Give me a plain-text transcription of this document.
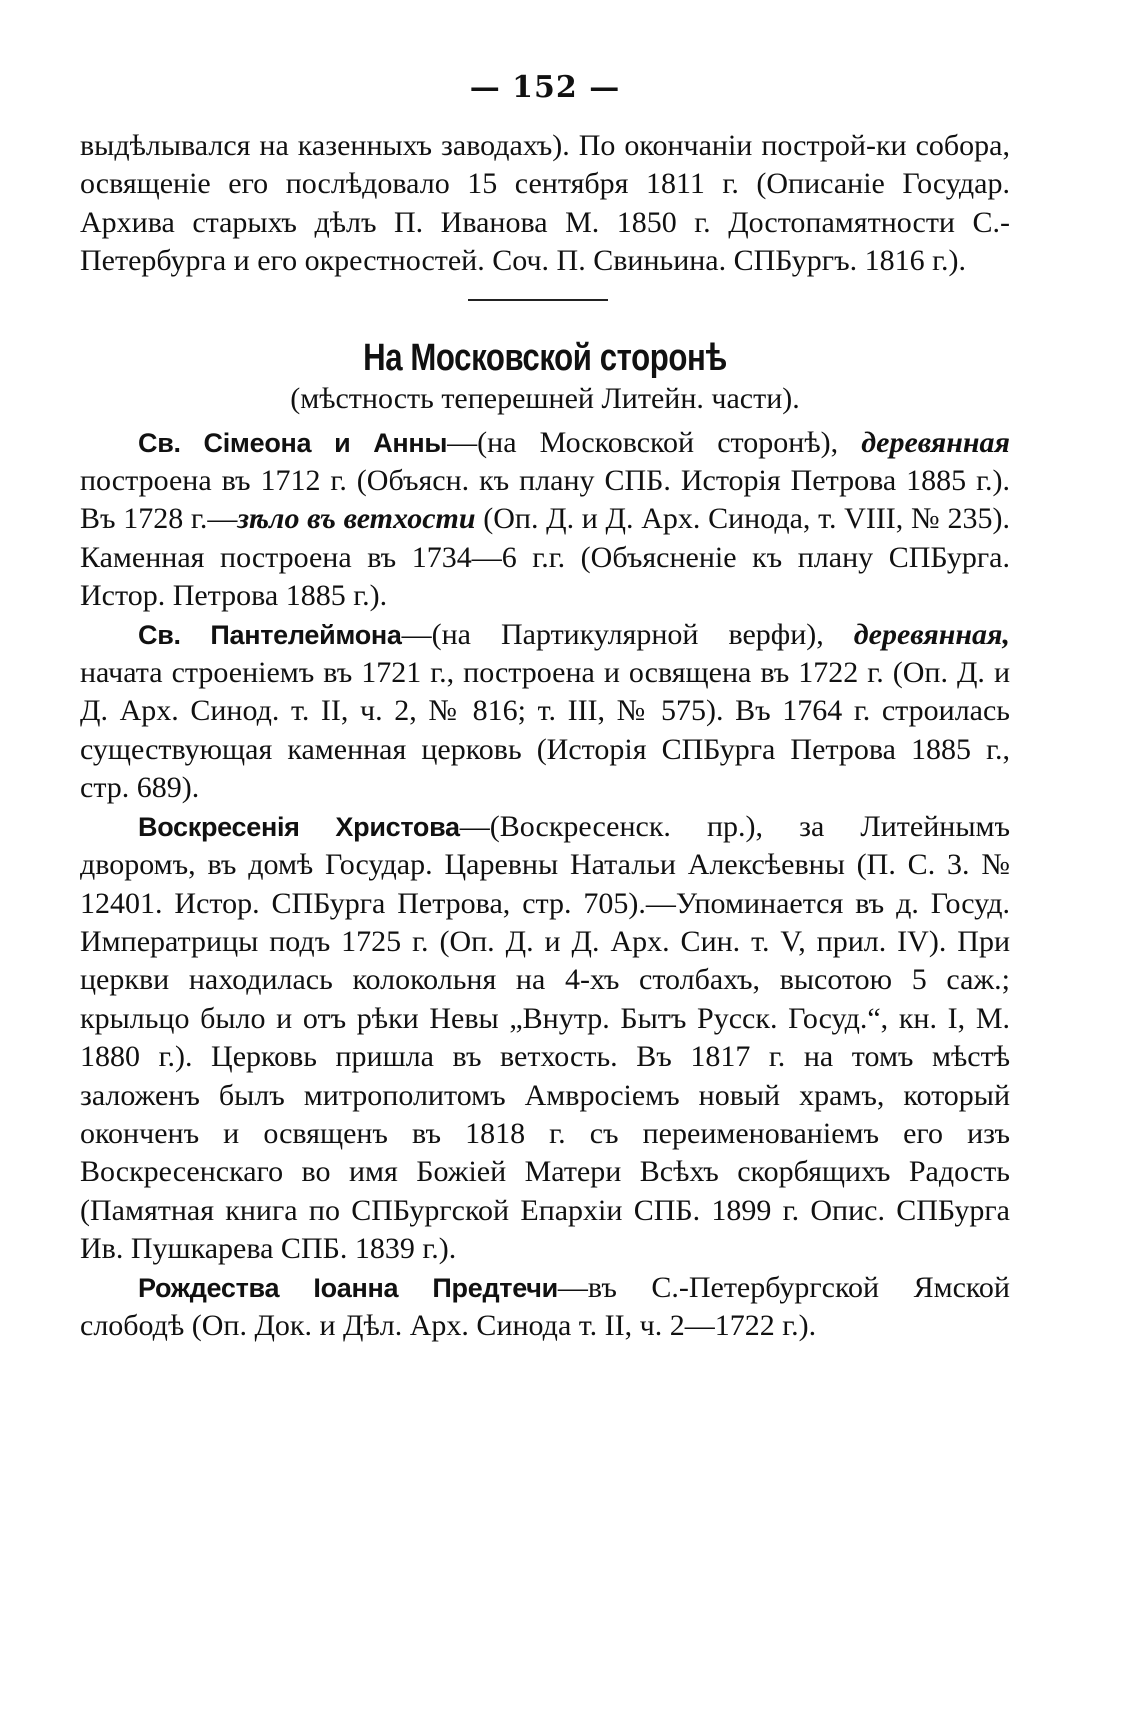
— 152 —

выдѣлывался на казенныхъ заводахъ). По окончаніи построй-ки собора, освященіе его послѣдовало 15 сентября 1811 г. (Описаніе Государ. Архива старыхъ дѣлъ П. Иванова М. 1850 г. Достопамятности С.-Петербурга и его окрестностей. Соч. П. Свиньина. СПБургъ. 1816 г.).

На Московской сторонѣ
(мѣстность теперешней Литейн. части).

Св. Сімеона и Анны—(на Московской сторонѣ), деревянная построена въ 1712 г. (Объясн. къ плану СПБ. Исторія Петрова 1885 г.). Въ 1728 г.—зѣло въ ветхости (Оп. Д. и Д. Арх. Синода, т. VIII, № 235). Каменная построена въ 1734—6 г.г. (Объясненіе къ плану СПБурга. Истор. Петрова 1885 г.).

Св. Пантелеймона—(на Партикулярной верфи), деревянная, начата строеніемъ въ 1721 г., построена и освящена въ 1722 г. (Оп. Д. и Д. Арх. Синод. т. II, ч. 2, № 816; т. III, № 575). Въ 1764 г. строилась существующая каменная церковь (Исторія СПБурга Петрова 1885 г., стр. 689).

Воскресенія Христова—(Воскресенск. пр.), за Литейнымъ дворомъ, въ домѣ Государ. Царевны Натальи Алексѣевны (П. С. 3. № 12401. Истор. СПБурга Петрова, стр. 705).—Упоминается въ д. Госуд. Императрицы подъ 1725 г. (Оп. Д. и Д. Арх. Син. т. V, прил. IV). При церкви находилась колокольня на 4-хъ столбахъ, высотою 5 саж.; крыльцо было и отъ рѣки Невы „Внутр. Бытъ Русск. Госуд.“, кн. I, М. 1880 г.). Церковь пришла въ ветхость. Въ 1817 г. на томъ мѣстѣ заложенъ былъ митрополитомъ Амвросіемъ новый храмъ, который оконченъ и освященъ въ 1818 г. съ переименованіемъ его изъ Воскресенскаго во имя Божіей Матери Всѣхъ скорбящихъ Радость (Памятная книга по СПБургской Епархіи СПБ. 1899 г. Опис. СПБурга Ив. Пушкарева СПБ. 1839 г.).

Рождества Іоанна Предтечи—въ С.-Петербургской Ямской слободѣ (Оп. Док. и Дѣл. Арх. Синода т. II, ч. 2—1722 г.).
